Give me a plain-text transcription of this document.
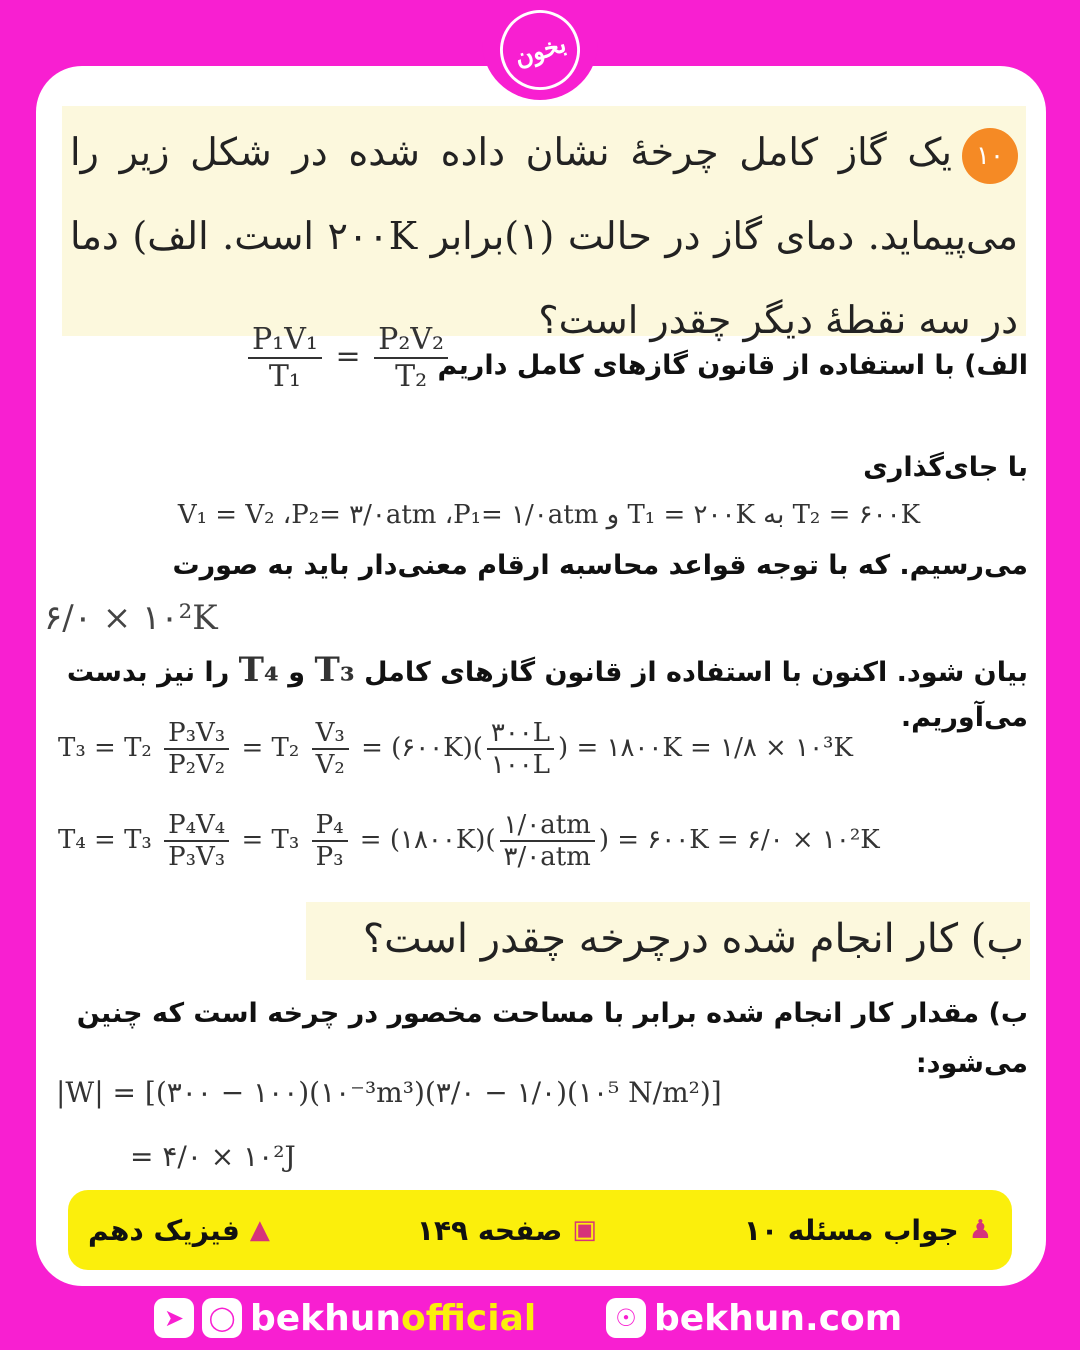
بخون
۱۰یک گاز کامل چرخهٔ نشان داده شده در شکل زیر را می‌پیماید. دمای گاز در حالت (۱)برابر ۲۰۰K است. الف) دما در سه نقطهٔ دیگر چقدر است؟
$\frac{\text{P₁V₁}}{\text{T₁}} = \frac{\text{P₂V₂}}{\text{T₂}}$
الف) با استفاده از قانون گازهای کامل داریم
با جای‌گذاری
T₂ = ۶۰۰K به T₁ = ۲۰۰K و V₁ = V₂ ،P₂= ۳/۰atm ،P₁= ۱/۰atm
می‌رسیم. که با توجه قواعد محاسبه ارقام معنی‌دار باید به صورت
۶/۰ × ۱۰²K
بیان شود. اکنون با استفاده از قانون گازهای کامل T₃ و T₄ را نیز بدست
می‌آوریم.
$T_3 = T_2 \frac{\text{P₃V₃}}{\text{P₂V₂}} = T_2 \frac{\text{V₃}}{\text{V₂}}$ = (۶۰۰K)( $\frac{۳۰۰L}{۱۰۰L}$ ) = ۱۸۰۰K = ۱/۸ × ۱۰³K
$T_4 = T_3 \frac{\text{P₄V₄}}{\text{P₃V₃}} = T_3 \frac{\text{P₄}}{\text{P₃}}$ = (۱۸۰۰K)( $\frac{\text{۱/۰atm}}{\text{۳/۰atm}}$ ) = ۶۰۰K = ۶/۰ × ۱۰²K
ب) کار انجام شده درچرخه چقدر است؟
ب) مقدار کار انجام شده برابر با مساحت مخصور در چرخه است که چنین
می‌شود:
|W| = [(۳۰۰ − ۱۰۰)(۱۰⁻³m³)(۳/۰ − ۱/۰)(۱۰⁵ N/m²)]
= ۴/۰ × ۱۰²J
♟
جواب مسئله ۱۰
▣
صفحه ۱۴۹
▲
فیزیک دهم
➤	◯ bekhunofficial	☉ bekhun.com
